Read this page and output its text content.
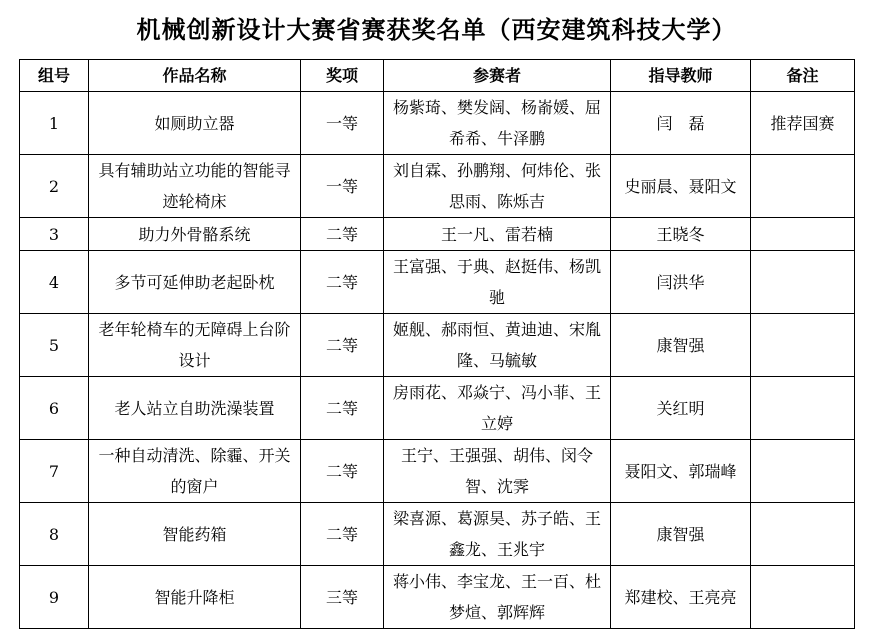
机械创新设计大赛省赛获奖名单（西安建筑科技大学）
组号	作品名称	奖项	参赛者	指导教师	备注
1	如厕助立器	一等	杨紫琦、樊发阔、杨嵛媛、屈希希、牛泽鹏	闫　磊	推荐国赛
2	具有辅助站立功能的智能寻迹轮椅床	一等	刘自霖、孙鹏翔、何炜伦、张思雨、陈烁吉	史丽晨、聂阳文	
3	助力外骨骼系统	二等	王一凡、雷若楠	王晓冬	
4	多节可延伸助老起卧枕	二等	王富强、于典、赵挺伟、杨凯驰	闫洪华	
5	老年轮椅车的无障碍上台阶设计	二等	姬舰、郝雨恒、黄迪迪、宋胤隆、马毓敏	康智强	
6	老人站立自助洗澡装置	二等	房雨花、邓焱宁、冯小菲、王立婷	关红明	
7	一种自动清洗、除霾、开关的窗户	二等	王宁、王强强、胡伟、闵令智、沈霁	聂阳文、郭瑞峰	
8	智能药箱	二等	梁喜源、葛源昊、苏子皓、王鑫龙、王兆宇	康智强	
9	智能升降柜	三等	蒋小伟、李宝龙、王一百、杜梦煊、郭辉辉	郑建校、王亮亮	
